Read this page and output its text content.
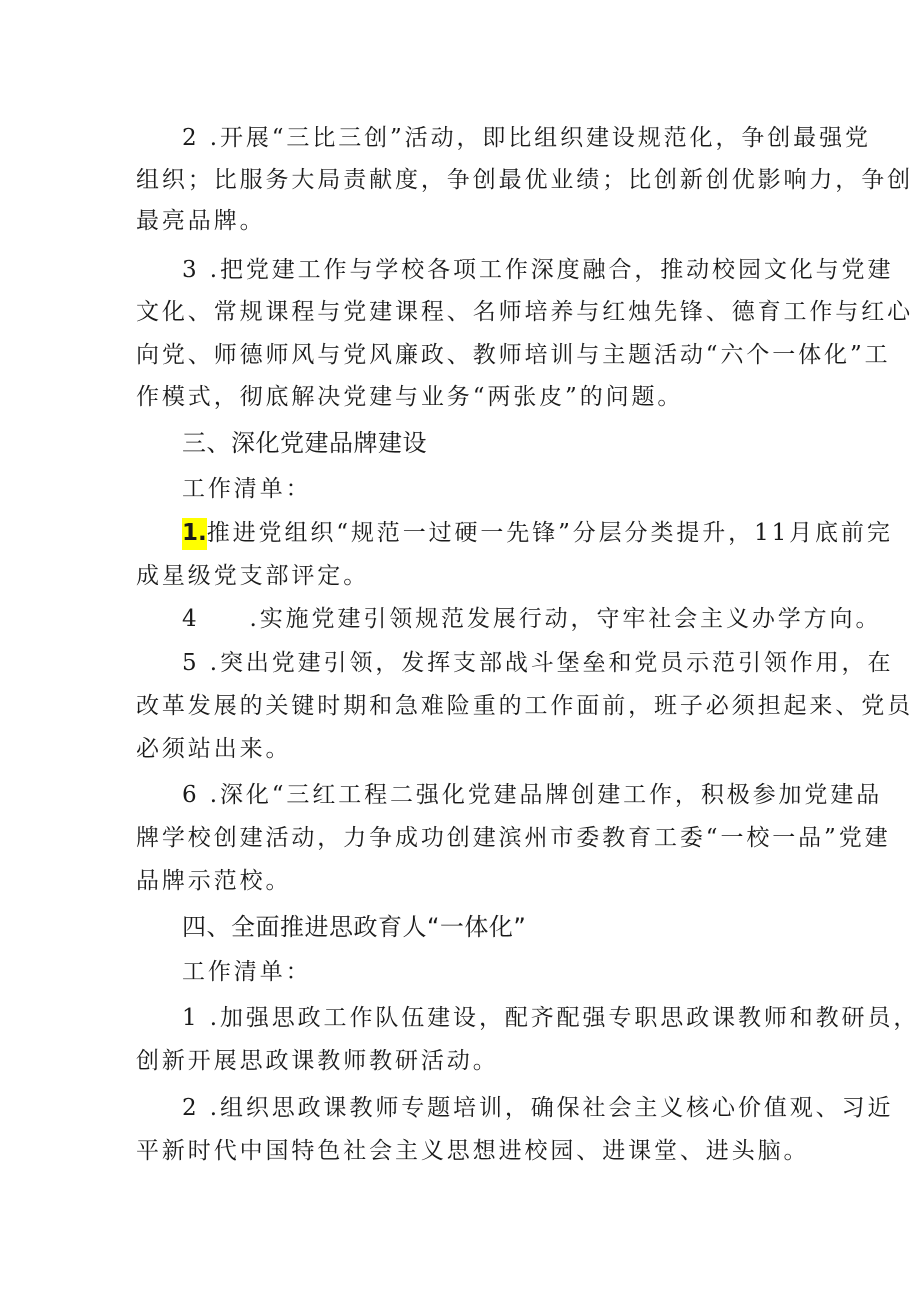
2 .开展“三比三创”活动，即比组织建设规范化，争创最强党
组织；比服务大局责献度，争创最优业绩；比创新创优影响力，争创
最亮品牌。
3 .把党建工作与学校各项工作深度融合，推动校园文化与党建
文化、常规课程与党建课程、名师培养与红烛先锋、德育工作与红心
向党、师德师风与党风廉政、教师培训与主题活动“六个一体化”工
作模式，彻底解决党建与业务“两张皮”的问题。
三、深化党建品牌建设
工作清单：
1.推进党组织“规范一过硬一先锋”分层分类提升，11月底前完
成星级党支部评定。
4 .实施党建引领规范发展行动，守牢社会主义办学方向。
5 .突出党建引领，发挥支部战斗堡垒和党员示范引领作用，在
改革发展的关键时期和急难险重的工作面前，班子必须担起来、党员
必须站出来。
6 .深化“三红工程二强化党建品牌创建工作，积极参加党建品
牌学校创建活动，力争成功创建滨州市委教育工委“一校一品”党建
品牌示范校。
四、全面推进思政育人“一体化”
工作清单：
1 .加强思政工作队伍建设，配齐配强专职思政课教师和教研员，
创新开展思政课教师教研活动。
2 .组织思政课教师专题培训，确保社会主义核心价值观、习近
平新时代中国特色社会主义思想进校园、进课堂、进头脑。
